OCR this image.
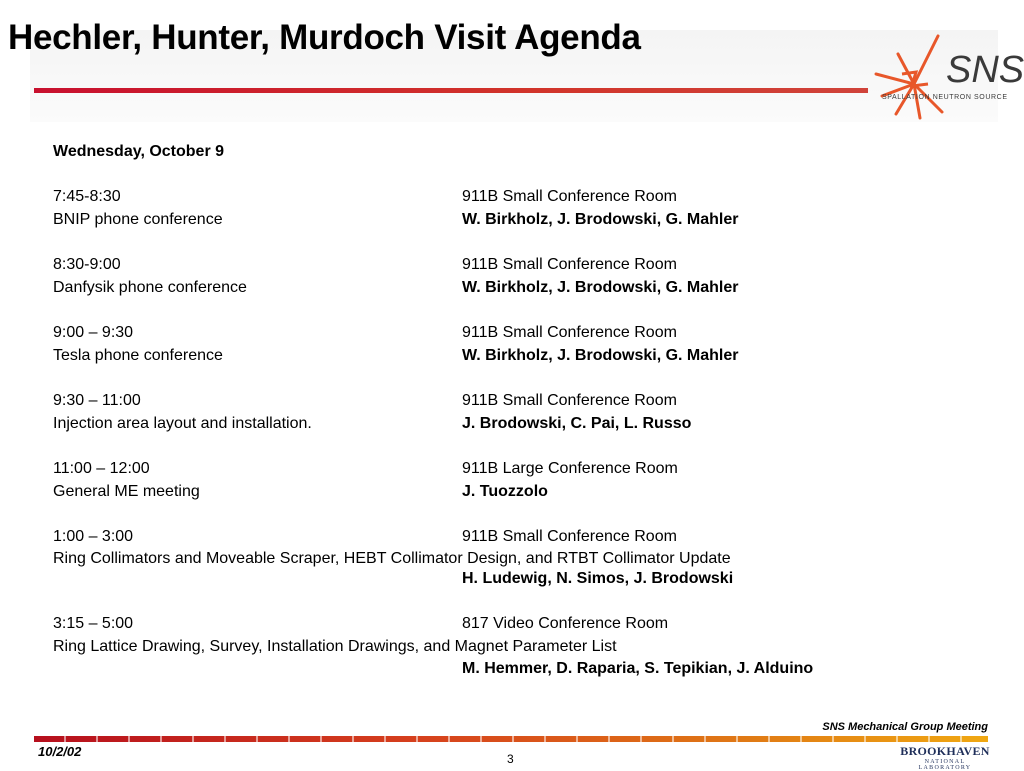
Hechler, Hunter, Murdoch Visit Agenda
SNS
SPALLATION NEUTRON SOURCE
Wednesday, October 9
7:45-8:30	911B Small Conference Room
BNIP phone conference	W. Birkholz, J. Brodowski, G. Mahler
8:30-9:00	911B Small Conference Room
Danfysik phone conference	W. Birkholz, J. Brodowski, G. Mahler
9:00 – 9:30	911B Small Conference Room
Tesla phone conference	W. Birkholz, J. Brodowski, G. Mahler
9:30 – 11:00	911B Small Conference Room
Injection area layout and installation.	J. Brodowski, C. Pai, L. Russo
11:00 – 12:00	911B Large Conference Room
General ME meeting	J. Tuozzolo
1:00 – 3:00	911B Small Conference Room
Ring Collimators and Moveable Scraper, HEBT Collimator Design, and RTBT Collimator Update
H. Ludewig, N. Simos, J. Brodowski
3:15 – 5:00	817 Video Conference Room
Ring Lattice Drawing, Survey, Installation Drawings, and Magnet Parameter List
M. Hemmer, D. Raparia, S. Tepikian, J. Alduino
SNS Mechanical Group Meeting
10/2/02	3
BROOKHAVEN
NATIONAL LABORATORY
